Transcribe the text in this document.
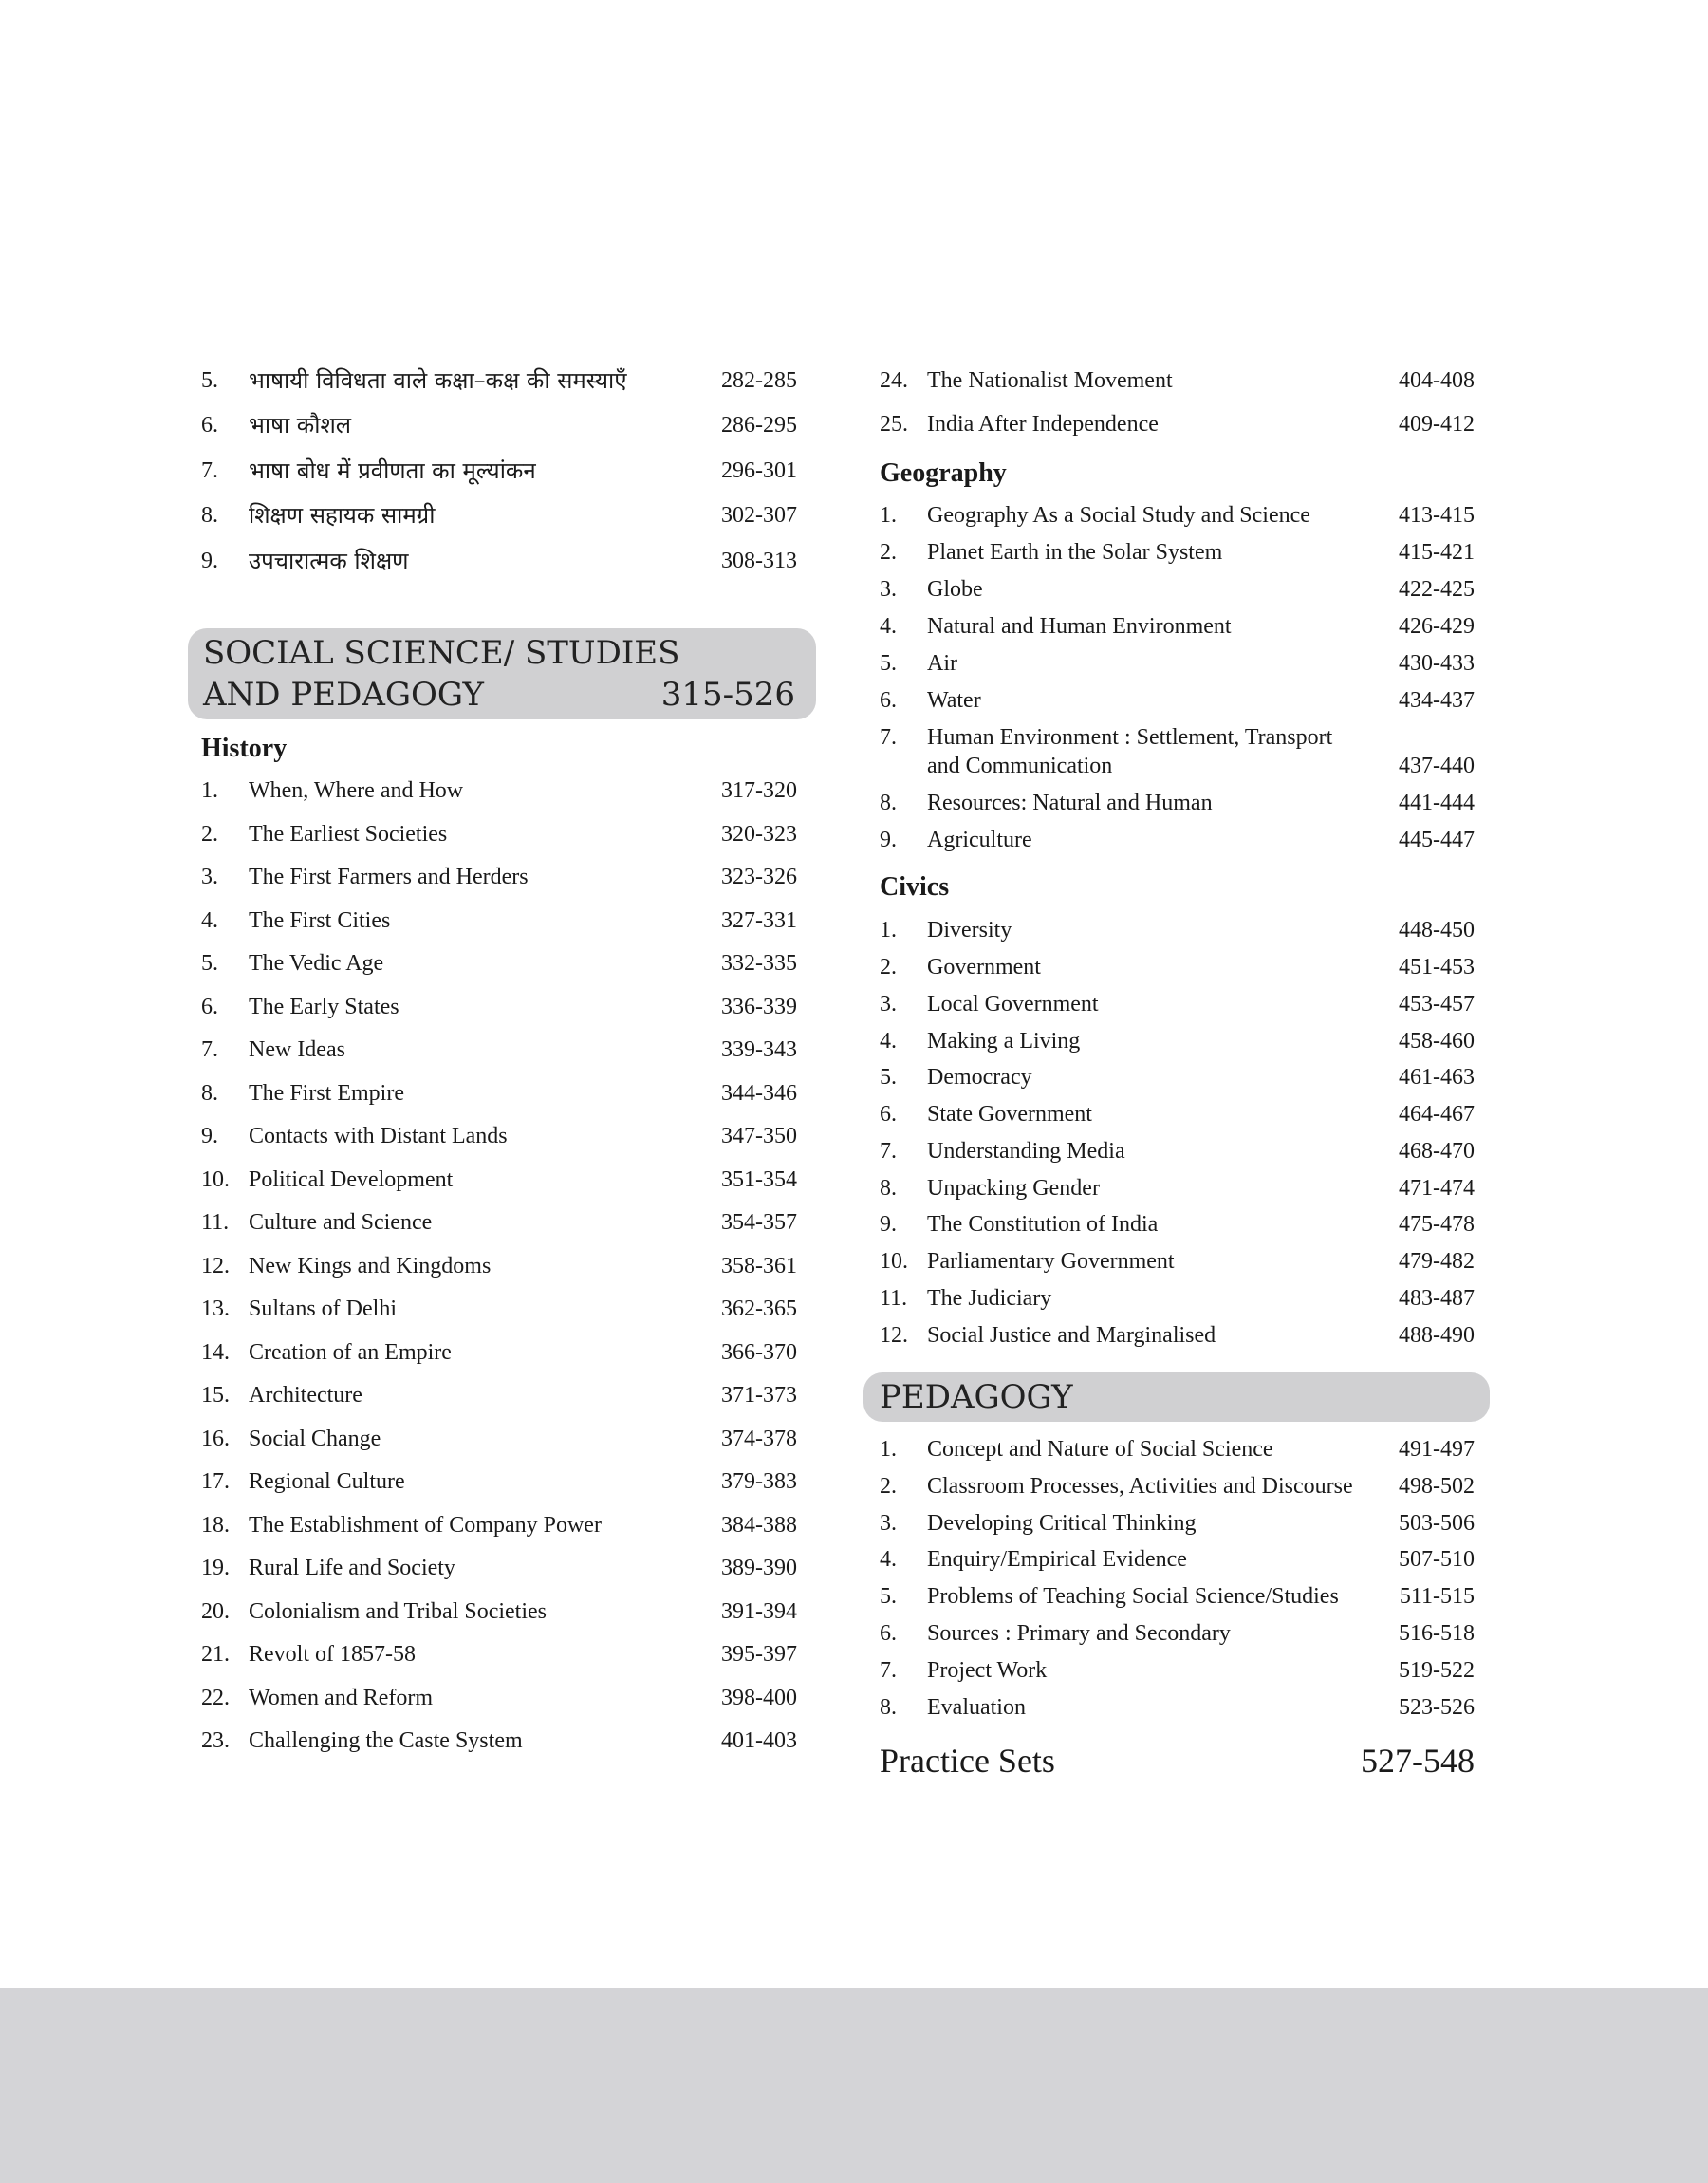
5.	भाषायी विविधता वाले कक्षा–कक्ष की समस्याएँ	282-285
6.	भाषा कौशल	286-295
7.	भाषा बोध में प्रवीणता का मूल्यांकन	296-301
8.	शिक्षण सहायक सामग्री	302-307
9.	उपचारात्मक शिक्षण	308-313
History
1.	When, Where and How	317-320
2.	The Earliest Societies	320-323
3.	The First Farmers and Herders	323-326
4.	The First Cities	327-331
5.	The Vedic Age	332-335
6.	The Early States	336-339
7.	New Ideas	339-343
8.	The First Empire	344-346
9.	Contacts with Distant Lands	347-350
10. Political Development	351-354
11. Culture and Science	354-357
12. New Kings and Kingdoms	358-361
13. Sultans of Delhi	362-365
14. Creation of an Empire	366-370
15. Architecture	371-373
16. Social Change	374-378
17. Regional Culture	379-383
18. The Establishment of Company Power	384-388
19. Rural Life and Society	389-390
20. Colonialism and Tribal Societies	391-394
21. Revolt of 1857-58	395-397
22. Women and Reform	398-400
23. Challenging the Caste System	401-403
SOCIAL SCIENCE/ STUDIES
AND PEDAGOGY	315-526
24. The Nationalist Movement	404-408
25. India After Independence	409-412
Geography
1.	Geography As a Social Study and Science	413-415
2.	Planet Earth in the Solar System	415-421
3.	Globe	422-425
4.	Natural and Human Environment	426-429
5.	Air	430-433
6.	Water	434-437
7.	Human Environment : Settlement, Transport
and Communication	437-440
8.	Resources: Natural and Human	441-444
9.	Agriculture	445-447
Civics
1.	Diversity	448-450
2.	Government	451-453
3.	Local Government	453-457
4.	Making a Living	458-460
5.	Democracy	461-463
6.	State Government	464-467
7.	Understanding Media	468-470
8.	Unpacking Gender	471-474
9.	The Constitution of India	475-478
10. Parliamentary Government	479-482
11. The Judiciary	483-487
12. Social Justice and Marginalised	488-490
1.	Concept and Nature of Social Science	491-497
2.	Classroom Processes, Activities and Discourse	498-502
3.	Developing Critical Thinking	503-506
4.	Enquiry/Empirical Evidence	507-510
5.	Problems of Teaching Social Science/Studies	511-515
6.	Sources : Primary and Secondary	516-518
7.	Project Work	519-522
8.	Evaluation	523-526
PEDAGOGY
Practice Sets	527-548
